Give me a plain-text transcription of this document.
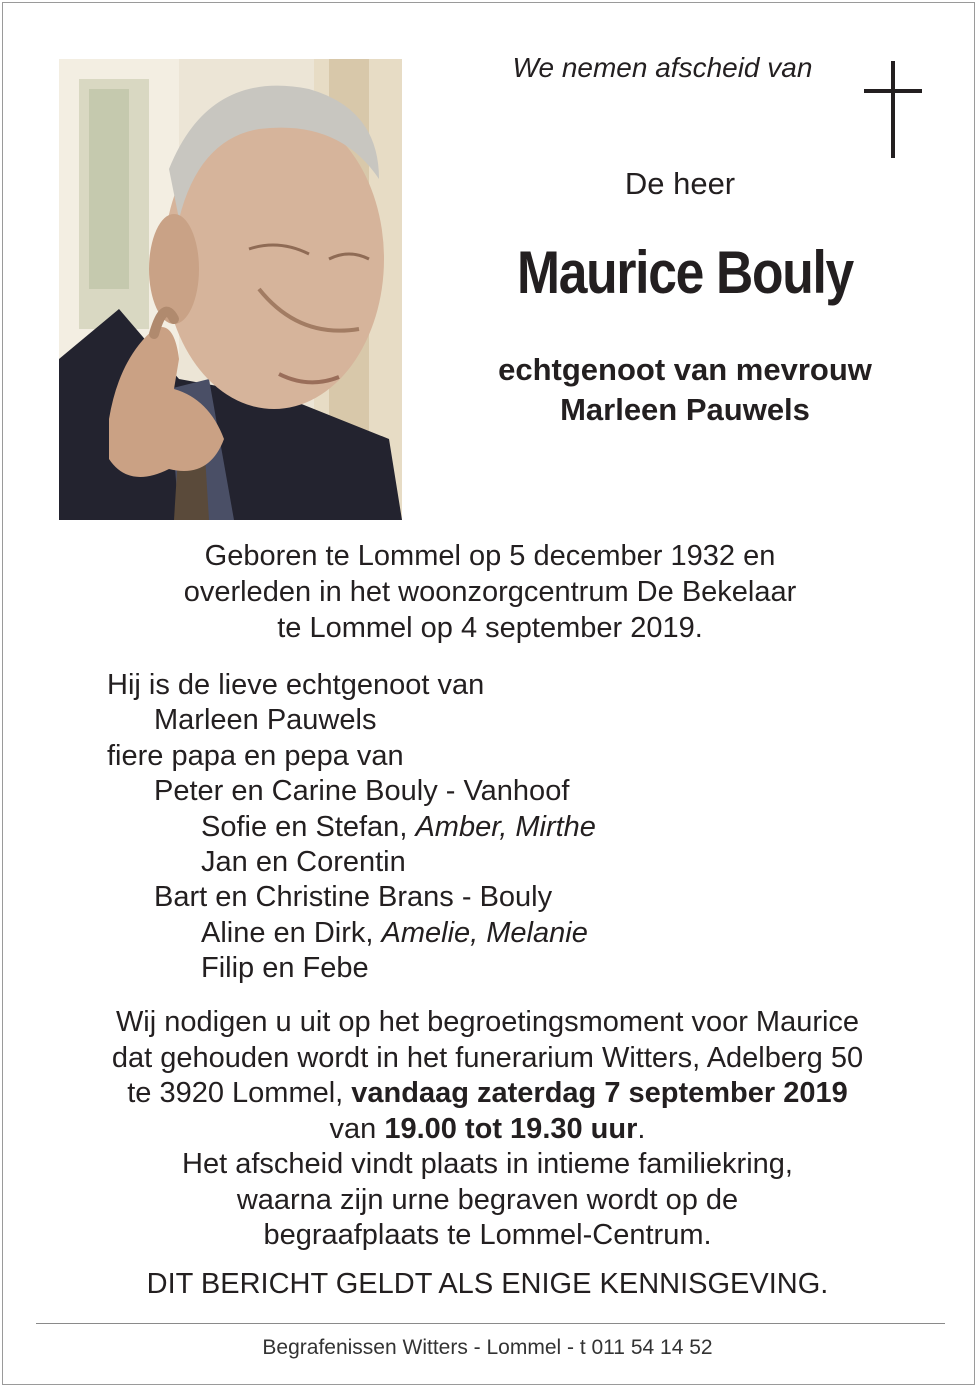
We nemen afscheid van
De heer
Maurice Bouly
echtgenoot van mevrouw
Marleen Pauwels
Geboren te Lommel op 5 december 1932 en
overleden in het woonzorgcentrum De Bekelaar
te Lommel op 4 september 2019.
Hij is de lieve echtgenoot van
Marleen Pauwels
fiere papa en pepa van
Peter en Carine Bouly - Vanhoof
Sofie en Stefan, Amber, Mirthe
Jan en Corentin
Bart en Christine Brans - Bouly
Aline en Dirk, Amelie, Melanie
Filip en Febe
Wij nodigen u uit op het begroetingsmoment voor Maurice
dat gehouden wordt in het funerarium Witters, Adelberg 50
te 3920 Lommel, vandaag zaterdag 7 september 2019
van 19.00 tot 19.30 uur.
Het afscheid vindt plaats in intieme familiekring,
waarna zijn urne begraven wordt op de
begraafplaats te Lommel-Centrum.
DIT BERICHT GELDT ALS ENIGE KENNISGEVING.
Begrafenissen Witters - Lommel - t 011 54 14 52
